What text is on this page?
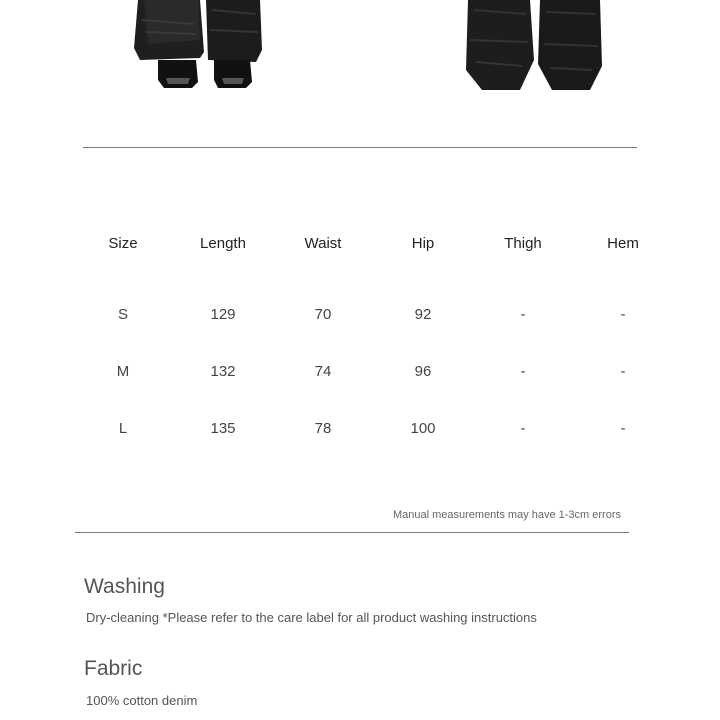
Size	Length	Waist	Hip	Thigh	Hem

S	129	70	92	-	-
M	132	74	96	-	-
L	135	78	100	-	-
Manual measurements may have 1-3cm errors
Washing
Dry-cleaning *Please refer to the care label for all product washing instructions
Fabric
100% cotton denim
